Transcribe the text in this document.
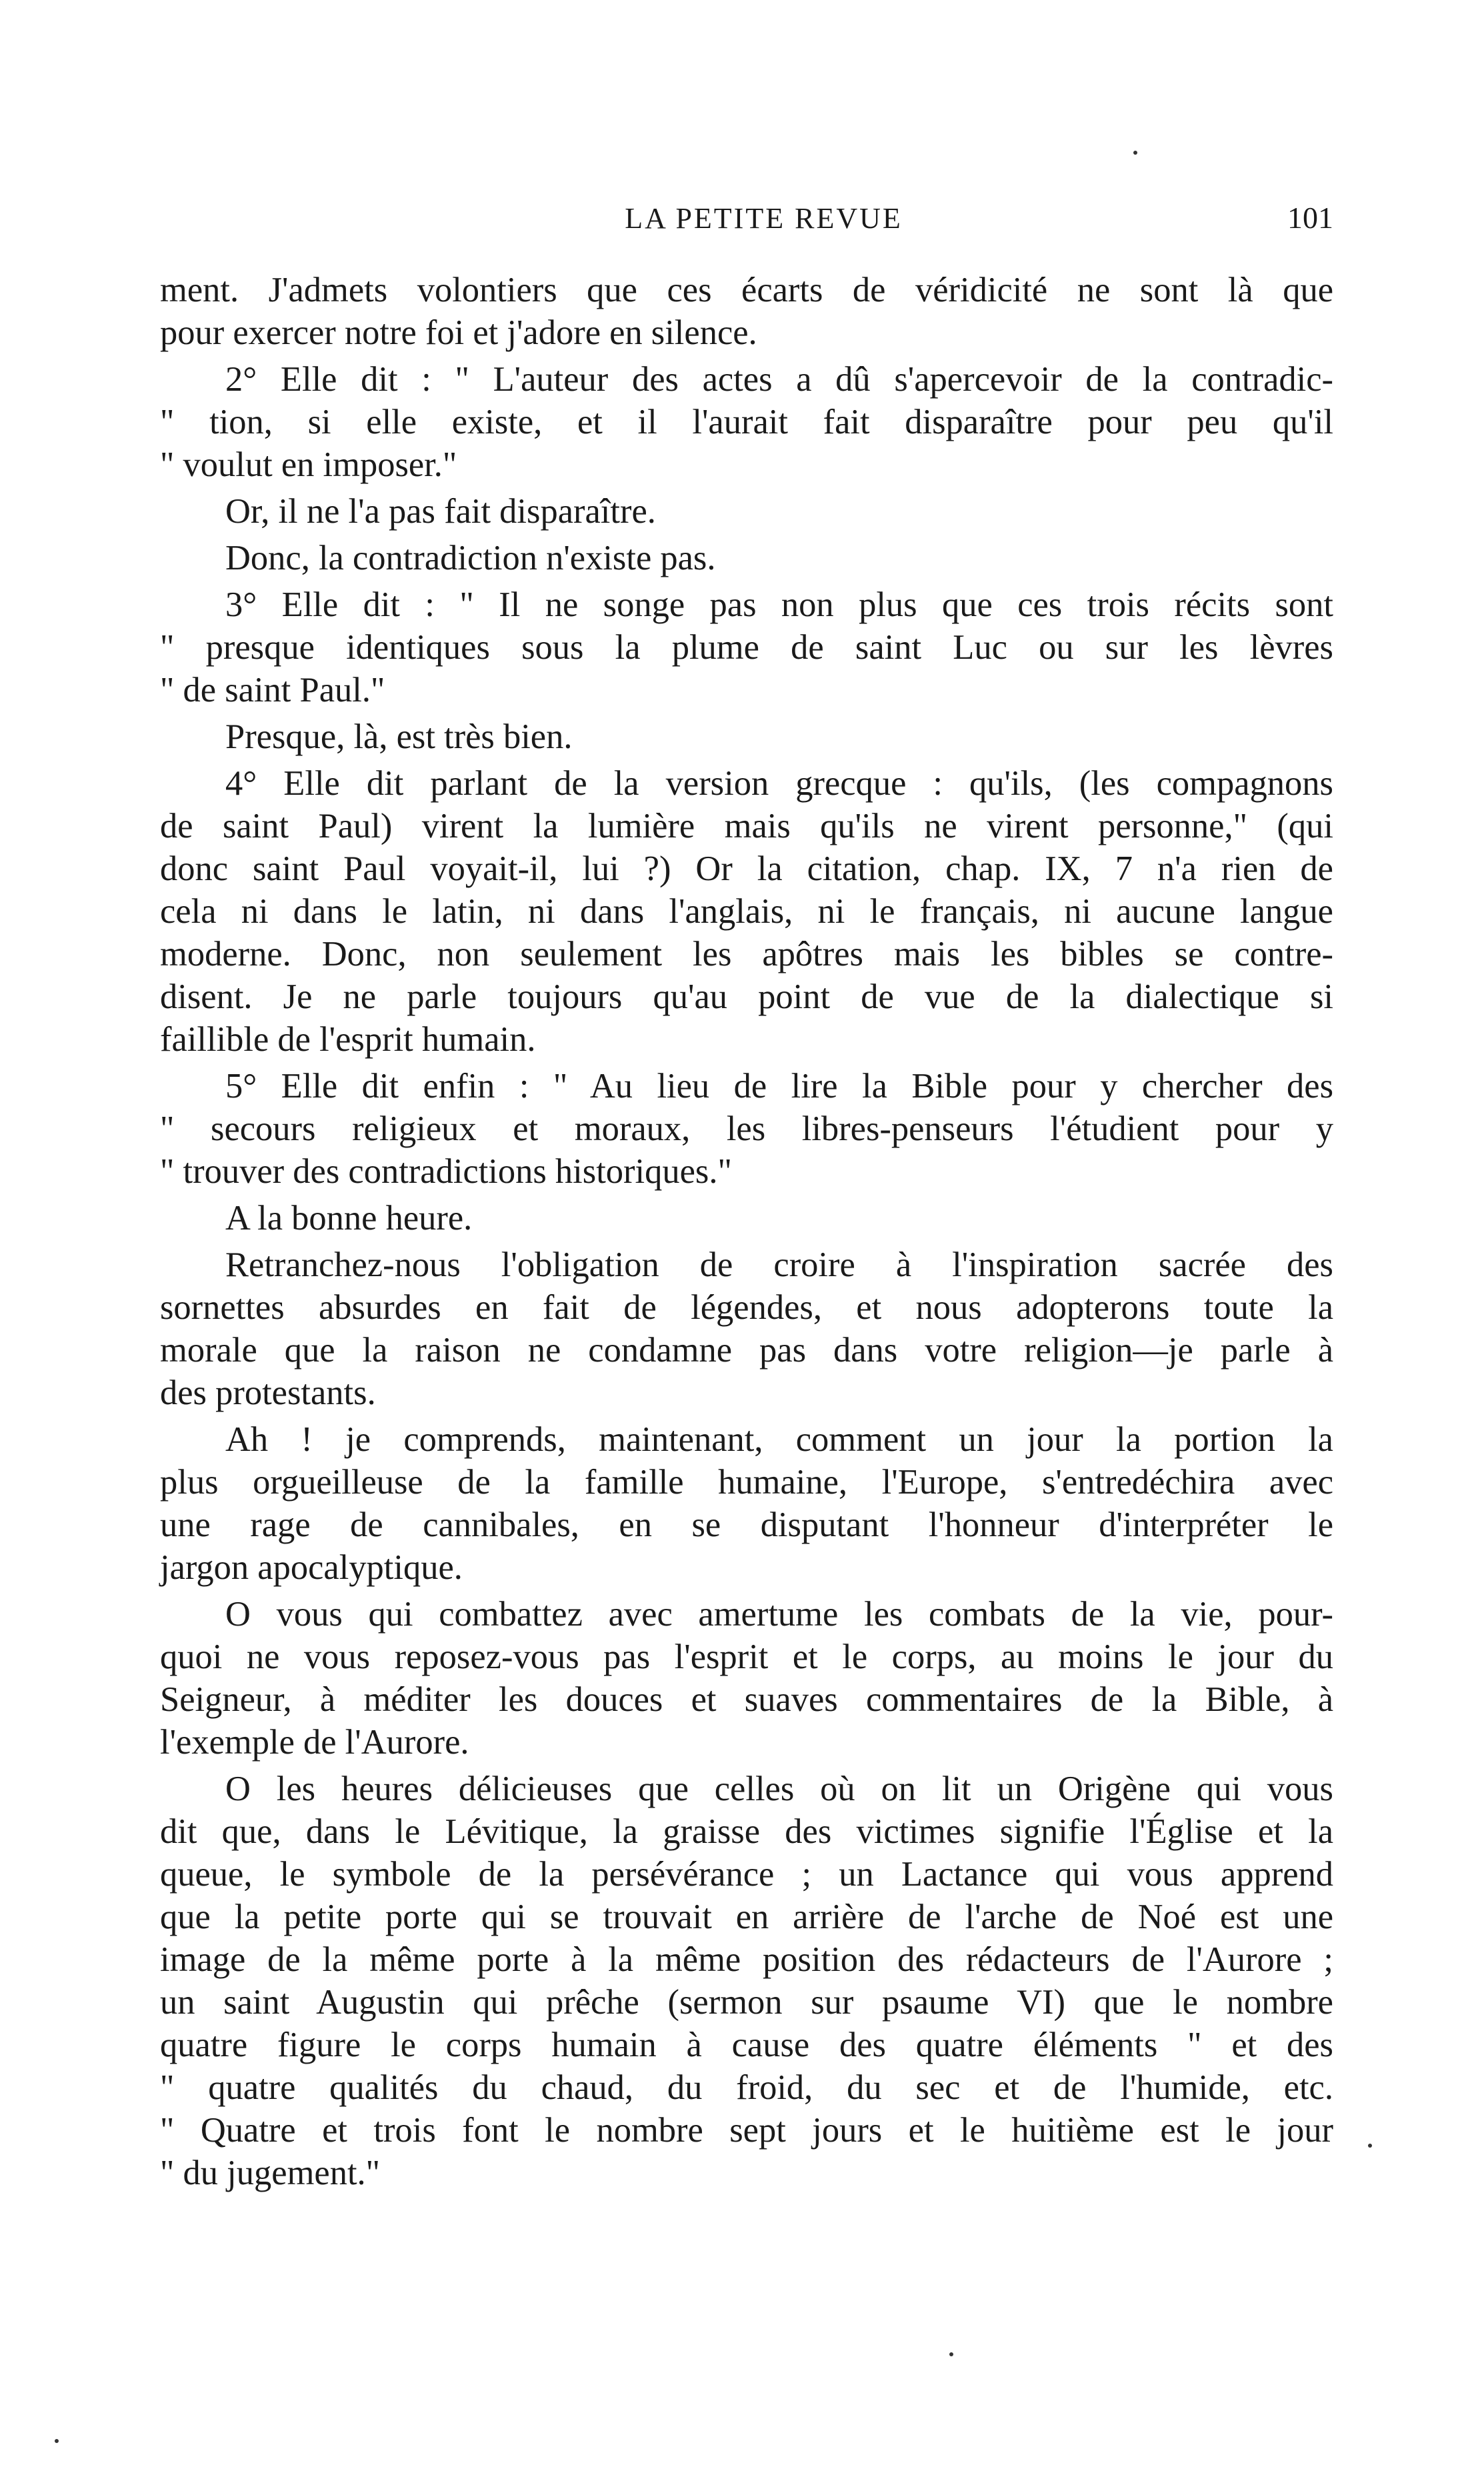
LA PETITE REVUE	101
ment. J'admets volontiers que ces écarts de véridicité ne sont là que
pour exercer notre foi et j'adore en silence.
2° Elle dit : " L'auteur des actes a dû s'apercevoir de la contradic-
" tion, si elle existe, et il l'aurait fait disparaître pour peu qu'il
" voulut en imposer."
Or, il ne l'a pas fait disparaître.
Donc, la contradiction n'existe pas.
3° Elle dit : " Il ne songe pas non plus que ces trois récits sont
" presque identiques sous la plume de saint Luc ou sur les lèvres
" de saint Paul."
Presque, là, est très bien.
4° Elle dit parlant de la version grecque : qu'ils, (les compagnons
de saint Paul) virent la lumière mais qu'ils ne virent personne," (qui
donc saint Paul voyait-il, lui ?) Or la citation, chap. IX, 7 n'a rien de
cela ni dans le latin, ni dans l'anglais, ni le français, ni aucune langue
moderne. Donc, non seulement les apôtres mais les bibles se contre-
disent. Je ne parle toujours qu'au point de vue de la dialectique si
faillible de l'esprit humain.
5° Elle dit enfin : " Au lieu de lire la Bible pour y chercher des
" secours religieux et moraux, les libres-penseurs l'étudient pour y
" trouver des contradictions historiques."
A la bonne heure.
Retranchez-nous l'obligation de croire à l'inspiration sacrée des
sornettes absurdes en fait de légendes, et nous adopterons toute la
morale que la raison ne condamne pas dans votre religion—je parle à
des protestants.
Ah ! je comprends, maintenant, comment un jour la portion la
plus orgueilleuse de la famille humaine, l'Europe, s'entredéchira avec
une rage de cannibales, en se disputant l'honneur d'interpréter le
jargon apocalyptique.
O vous qui combattez avec amertume les combats de la vie, pour-
quoi ne vous reposez-vous pas l'esprit et le corps, au moins le jour du
Seigneur, à méditer les douces et suaves commentaires de la Bible, à
l'exemple de l'Aurore.
O les heures délicieuses que celles où on lit un Origène qui vous
dit que, dans le Lévitique, la graisse des victimes signifie l'Église et la
queue, le symbole de la persévérance ; un Lactance qui vous apprend
que la petite porte qui se trouvait en arrière de l'arche de Noé est une
image de la même porte à la même position des rédacteurs de l'Aurore ;
un saint Augustin qui prêche (sermon sur psaume VI) que le nombre
quatre figure le corps humain à cause des quatre éléments " et des
" quatre qualités du chaud, du froid, du sec et de l'humide, etc.
" Quatre et trois font le nombre sept jours et le huitième est le jour
" du jugement."
